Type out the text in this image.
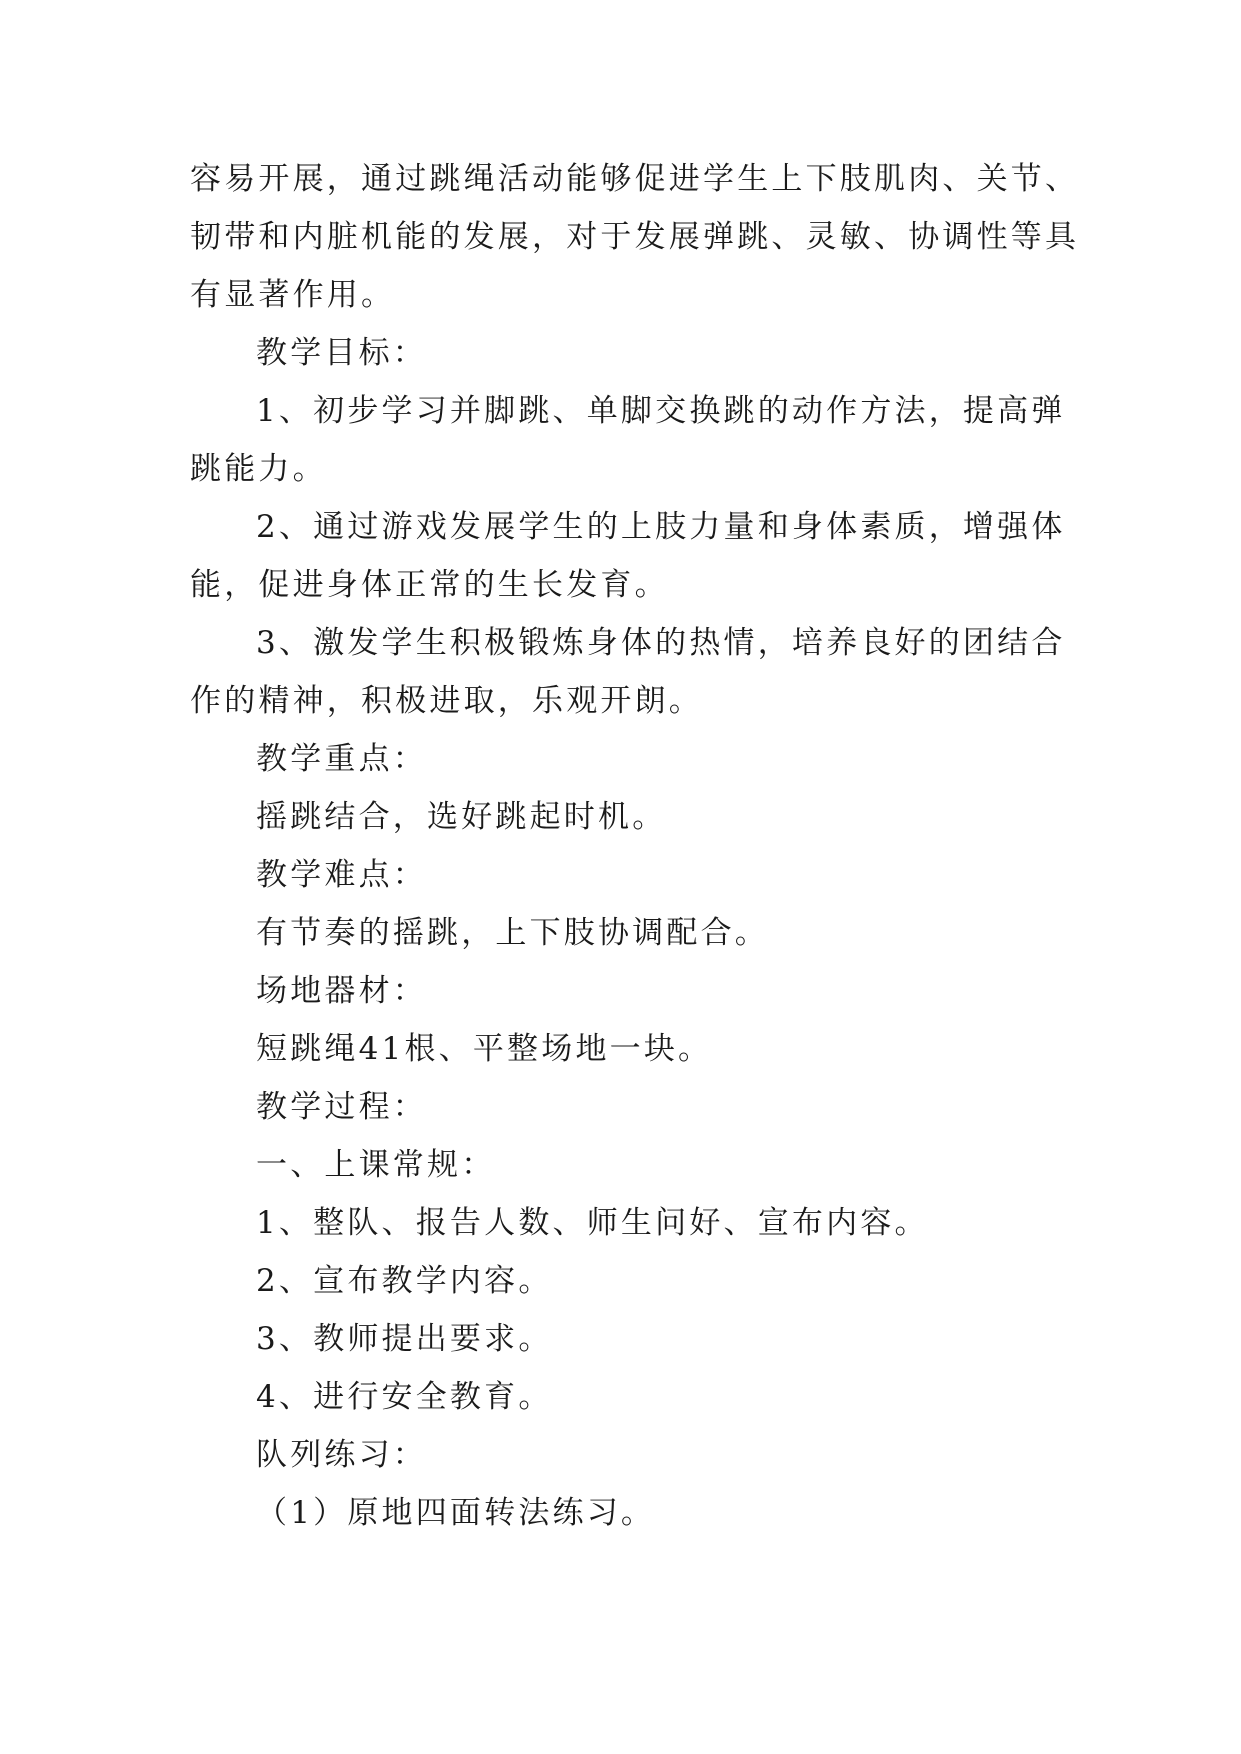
容易开展，通过跳绳活动能够促进学生上下肢肌肉、关节、

韧带和内脏机能的发展，对于发展弹跳、灵敏、协调性等具

有显著作用。

教学目标：

1、初步学习并脚跳、单脚交换跳的动作方法，提高弹

跳能力。

2、通过游戏发展学生的上肢力量和身体素质，增强体

能，促进身体正常的生长发育。

3、激发学生积极锻炼身体的热情，培养良好的团结合

作的精神，积极进取，乐观开朗。

教学重点：

摇跳结合，选好跳起时机。

教学难点：

有节奏的摇跳，上下肢协调配合。

场地器材：

短跳绳41根、平整场地一块。

教学过程：

一、上课常规：

1、整队、报告人数、师生问好、宣布内容。

2、宣布教学内容。

3、教师提出要求。

4、进行安全教育。

队列练习：

（1）原地四面转法练习。
